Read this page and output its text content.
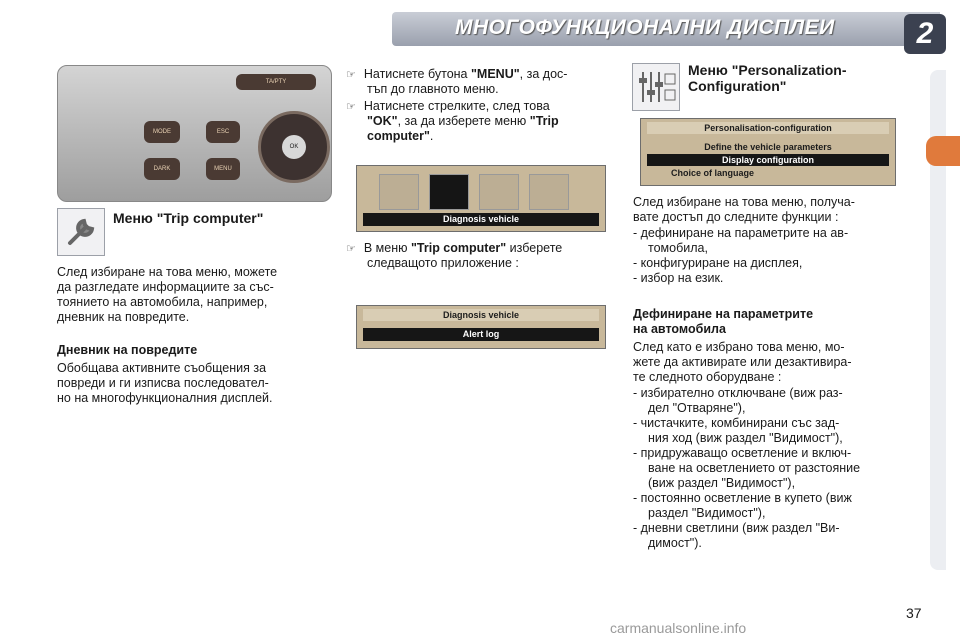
МНОГОФУНКЦИОНАЛНИ ДИСПЛЕИ	2
TA/PTY
MODE
DARK
ESC
MENU
OK
Меню "Trip computer"
След избиране на това меню, можете
да разгледате информациите за със-
тоянието на автомобила, например,
дневник на повредите.
Дневник на повредите
Обобщава активните съобщения за
повреди и ги изписва последовател-
но на многофункционалния дисплей.
☞ Натиснете бутона "MENU", за дос-
тъп до главното меню.
☞ Натиснете стрелките, след това
"OK", за да изберете меню "Trip
computer".
Diagnosis vehicle
☞ В меню "Trip computer" изберете
следващото приложение :
Diagnosis vehicle
Alert log
Меню "Personalization-
Configuration"
Personalisation-configuration
Define the vehicle parameters
Display configuration
Choice of language
След избиране на това меню, получа-
вате достъп до следните функции :
- дефиниране на параметрите на ав-
томобила,
- конфигуриране на дисплея,
- избор на език.
Дефиниране на параметрите
на автомобила
След като е избрано това меню, мо-
жете да активирате или дезактивира-
те следното оборудване :
- избирателно отключване (виж раз-
дел "Отваряне"),
- чистачките, комбинирани със зад-
ния ход (виж раздел "Видимост"),
- придружаващо осветление и включ-
ване на осветлението от разстояние
(виж раздел "Видимост"),
- постоянно осветление в купето (виж
раздел "Видимост"),
- дневни светлини (виж раздел "Ви-
димост").
37
carmanualsonline.info
